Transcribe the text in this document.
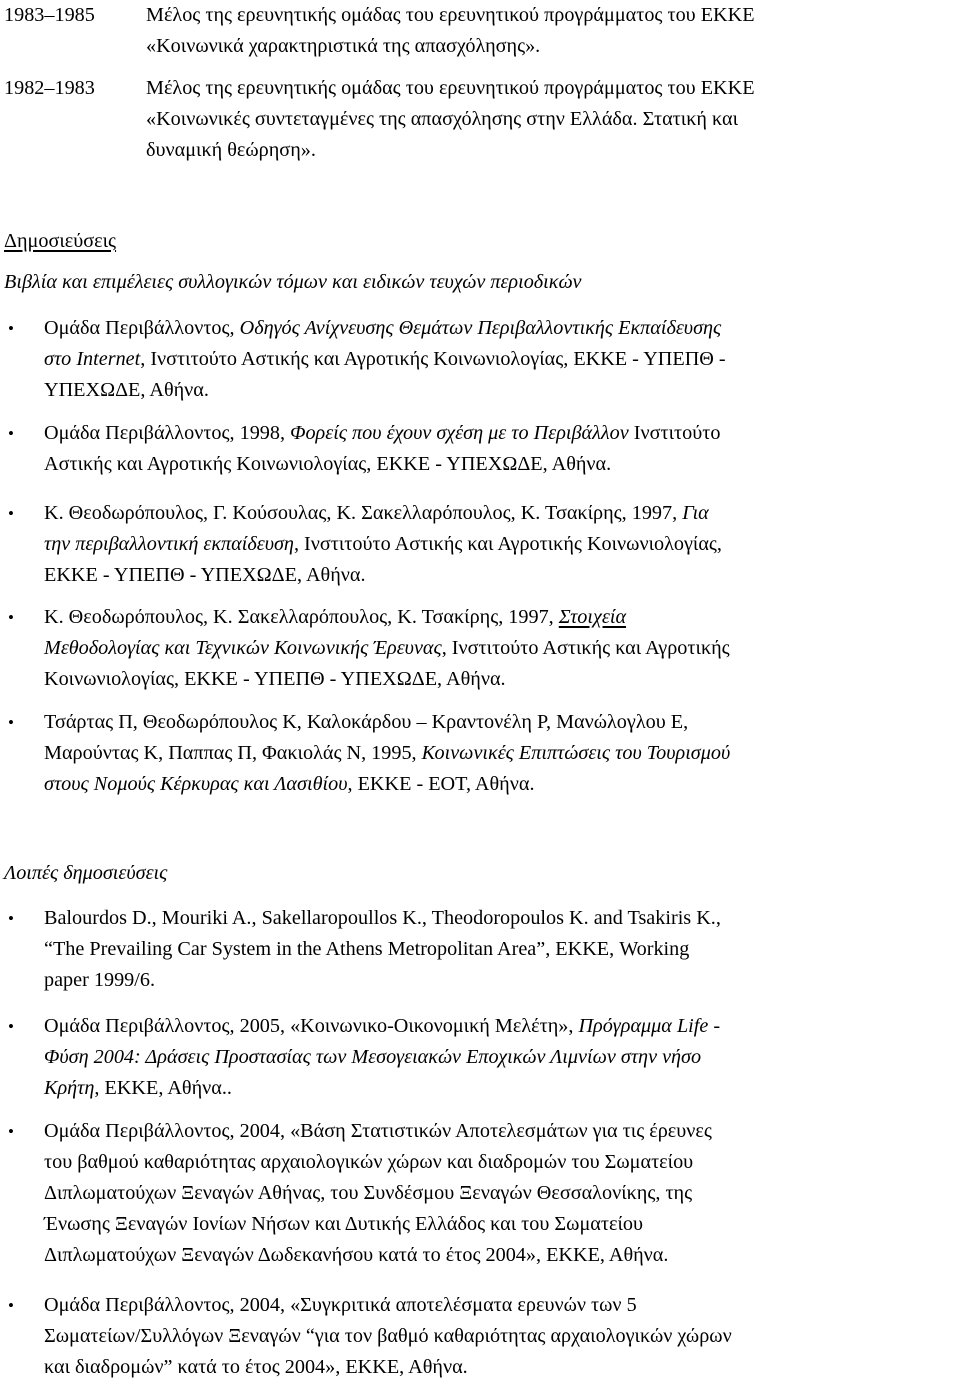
1983–1985	Μέλος της ερευνητικής ομάδας του ερευνητικού προγράμματος του ΕΚΚΕ
«Κοινωνικά χαρακτηριστικά της απασχόλησης».
1982–1983	Μέλος της ερευνητικής ομάδας του ερευνητικού προγράμματος του ΕΚΚΕ
«Κοινωνικές συντεταγμένες της απασχόλησης στην Ελλάδα. Στατική και
δυναμική θεώρηση».
Δημοσιεύσεις
Βιβλία και επιμέλειες συλλογικών τόμων και ειδικών τευχών περιοδικών
• Ομάδα Περιβάλλοντος, Οδηγός Ανίχνευσης Θεμάτων Περιβαλλοντικής Εκπαίδευσης
στο Internet, Ινστιτούτο Αστικής και Αγροτικής Κοινωνιολογίας, ΕΚΚΕ - ΥΠΕΠΘ -
ΥΠΕΧΩΔΕ, Αθήνα.
• Ομάδα Περιβάλλοντος, 1998, Φορείς που έχουν σχέση με το Περιβάλλον Ινστιτούτο
Αστικής και Αγροτικής Κοινωνιολογίας, ΕΚΚΕ - ΥΠΕΧΩΔΕ, Αθήνα.
• Κ. Θεοδωρόπουλος, Γ. Κούσουλας, Κ. Σακελλαρόπουλος, Κ. Τσακίρης, 1997, Για
την περιβαλλοντική εκπαίδευση, Ινστιτούτο Αστικής και Αγροτικής Κοινωνιολογίας,
ΕΚΚΕ - ΥΠΕΠΘ - ΥΠΕΧΩΔΕ, Αθήνα.
• Κ. Θεοδωρόπουλος, Κ. Σακελλαρόπουλος, Κ. Τσακίρης, 1997, Στοιχεία
Μεθοδολογίας και Τεχνικών Κοινωνικής Έρευνας, Ινστιτούτο Αστικής και Αγροτικής
Κοινωνιολογίας, ΕΚΚΕ - ΥΠΕΠΘ - ΥΠΕΧΩΔΕ, Αθήνα.
• Τσάρτας Π, Θεοδωρόπουλος Κ, Καλοκάρδου – Κραντονέλη Ρ, Μανώλογλου Ε,
Μαρούντας Κ, Παππας Π, Φακιολάς Ν, 1995, Κοινωνικές Επιπτώσεις του Τουρισμού
στους Νομούς Κέρκυρας και Λασιθίου, ΕΚΚΕ - ΕΟΤ, Αθήνα.
Λοιπές δημοσιεύσεις
• Balourdos D., Mouriki A., Sakellaropoullos K., Theodoropoulos K. and Tsakiris K.,
“The Prevailing Car System in the Athens Metropolitan Area”, ΕΚΚΕ, Working
paper 1999/6.
• Ομάδα Περιβάλλοντος, 2005, «Κοινωνικο-Οικονομική Μελέτη», Πρόγραμμα Life -
Φύση 2004: Δράσεις Προστασίας των Μεσογειακών Εποχικών Λιμνίων στην νήσο
Κρήτη, ΕΚΚΕ, Αθήνα..
• Ομάδα Περιβάλλοντος, 2004, «Βάση Στατιστικών Αποτελεσμάτων για τις έρευνες
του βαθμού καθαριότητας αρχαιολογικών χώρων και διαδρομών του Σωματείου
Διπλωματούχων Ξεναγών Αθήνας, του Συνδέσμου Ξεναγών Θεσσαλονίκης, της
Ένωσης Ξεναγών Ιονίων Νήσων και Δυτικής Ελλάδος και του Σωματείου
Διπλωματούχων Ξεναγών Δωδεκανήσου κατά το έτος 2004», ΕΚΚΕ, Αθήνα.
• Ομάδα Περιβάλλοντος, 2004, «Συγκριτικά αποτελέσματα ερευνών των 5
Σωματείων/Συλλόγων Ξεναγών “για τον βαθμό καθαριότητας αρχαιολογικών χώρων
και διαδρομών” κατά το έτος 2004», ΕΚΚΕ, Αθήνα.
